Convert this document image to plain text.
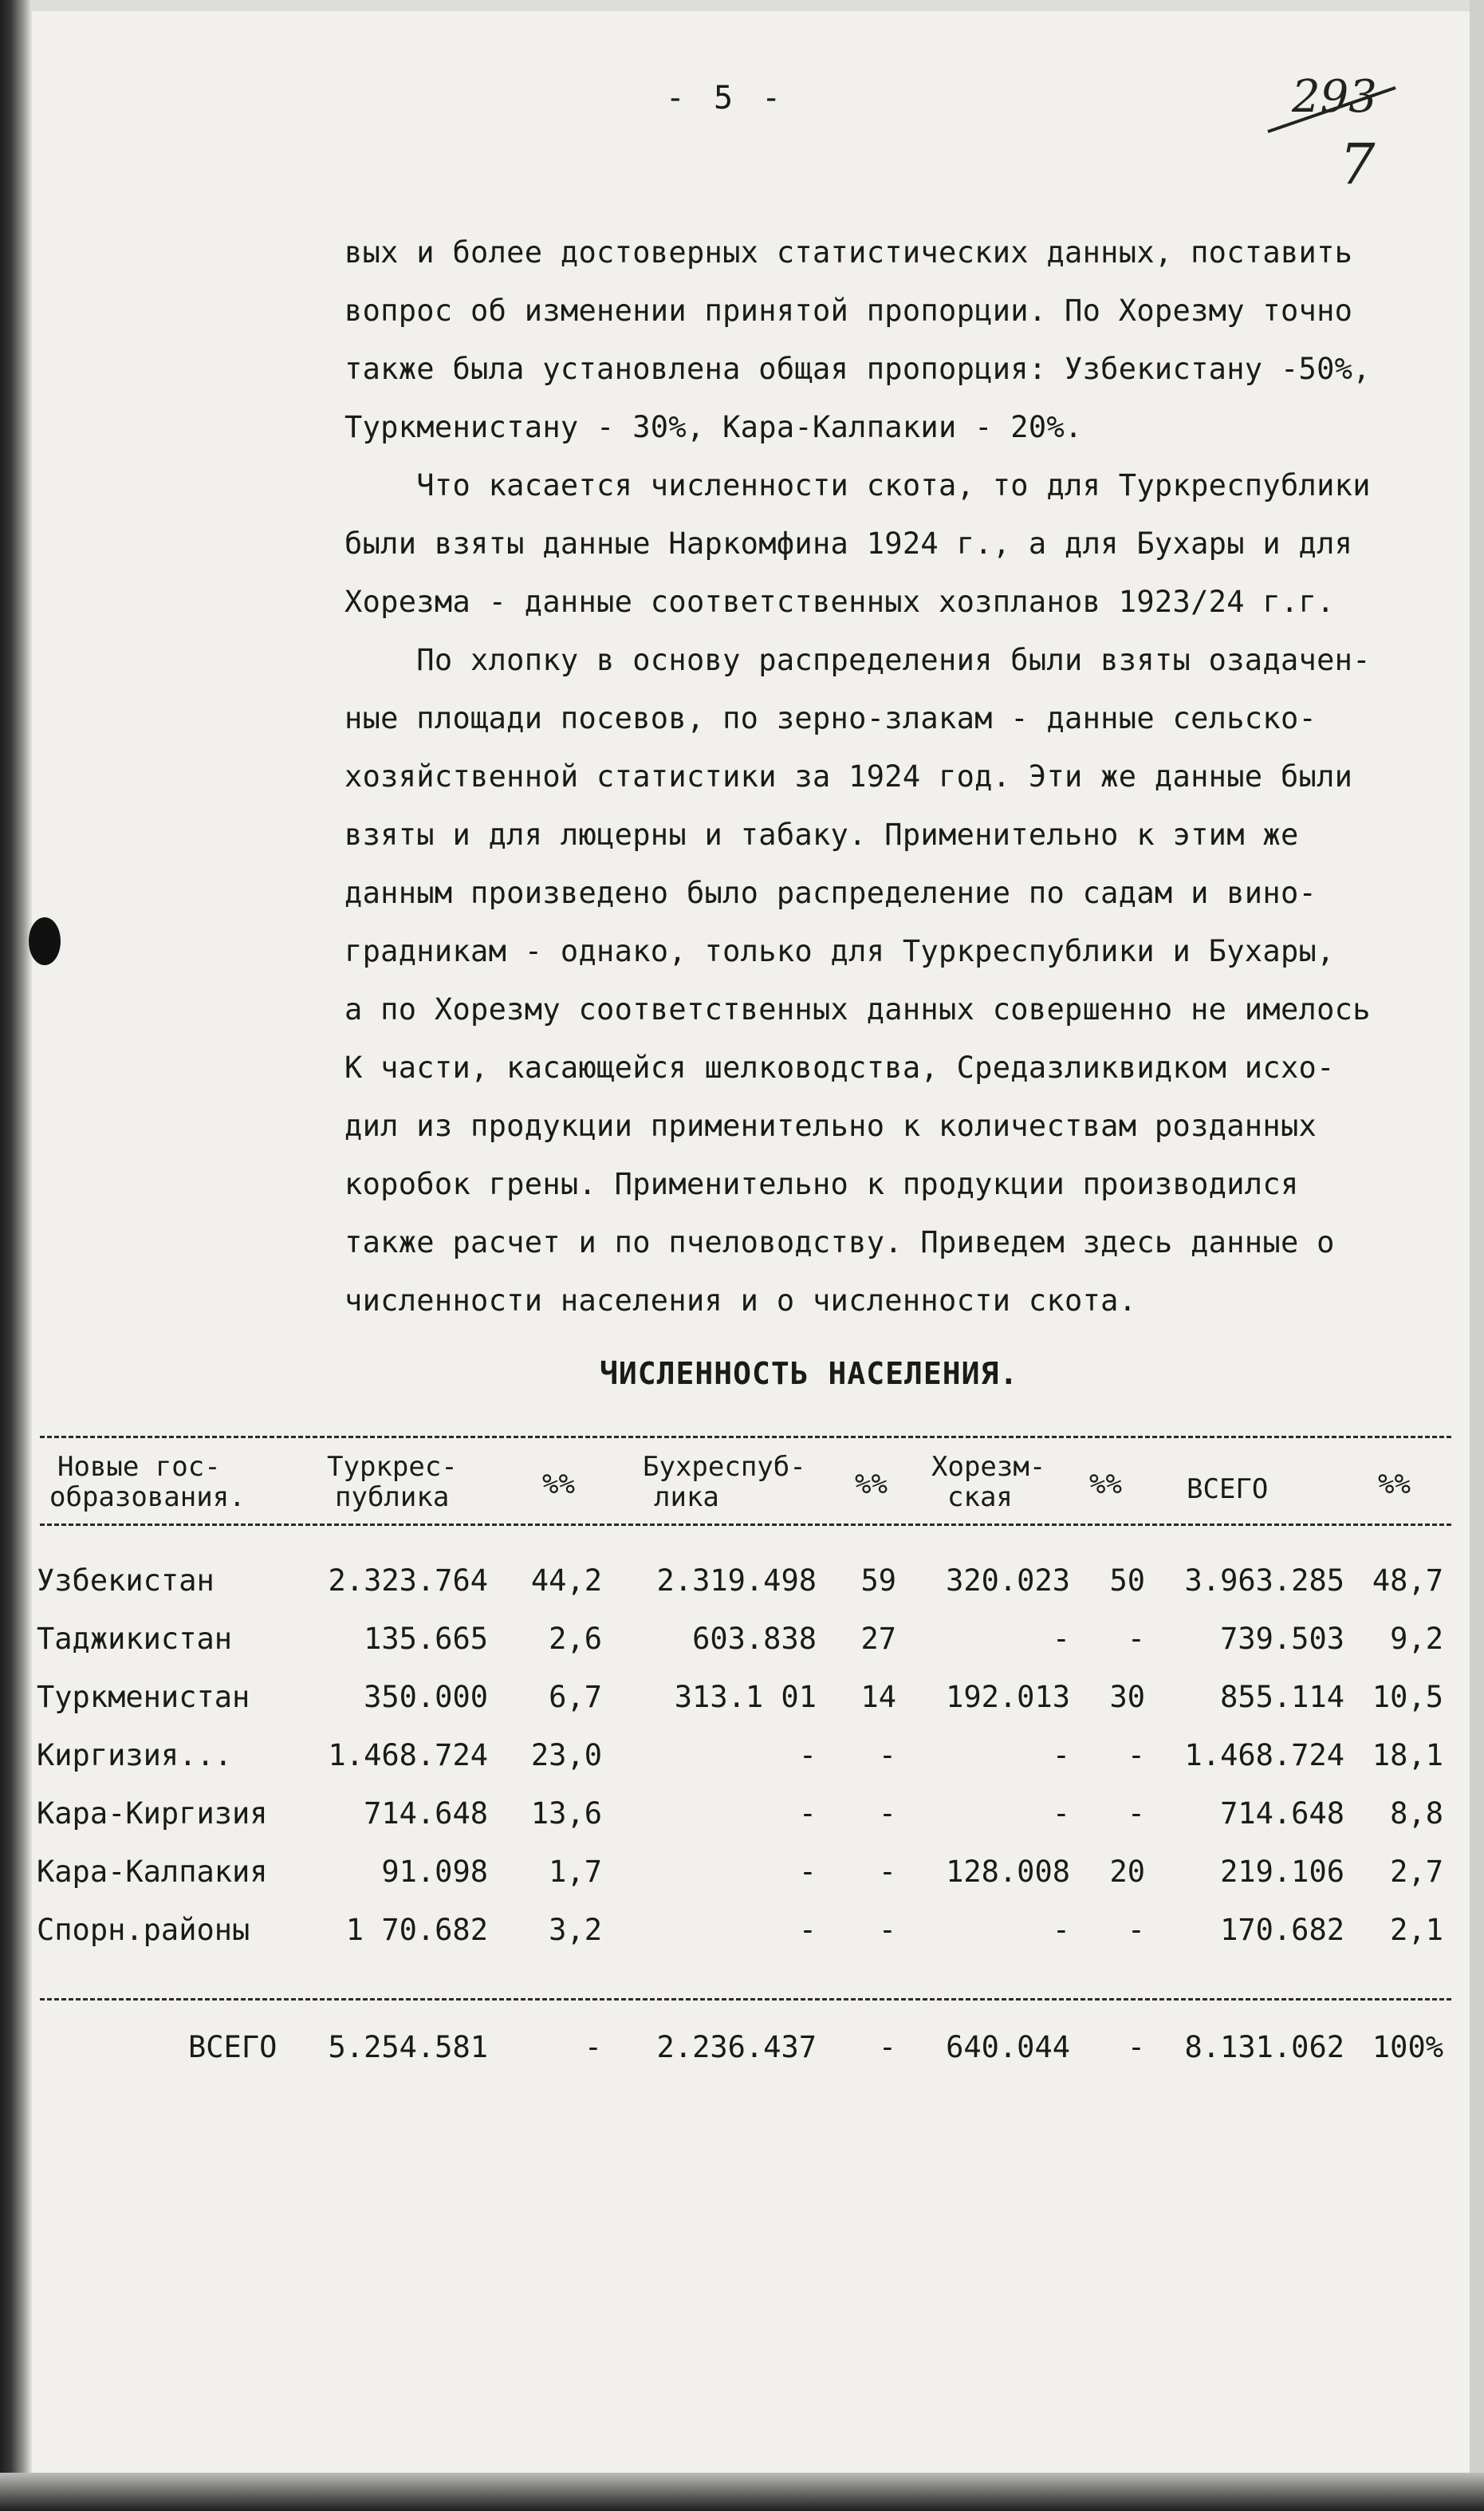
- 5 -	293
7
вых и более достоверных статистических данных, поставить
вопрос об изменении принятой пропорции. По Хорезму точно
также была установлена общая пропорция: Узбекистану -50%,
Туркменистану - 30%, Кара-Калпакии - 20%.
Что касается численности скота, то для Туркреспублики
были взяты данные Наркомфина 1924 г., а для Бухары и для
Хорезма - данные соответственных хозпланов 1923/24 г.г.
По хлопку в основу распределения были взяты озадачен-
ные площади посевов, по зерно-злакам - данные сельско-
хозяйственной статистики за 1924 год. Эти же данные были
взяты и для люцерны и табаку. Применительно к этим же
данным произведено было распределение по садам и вино-
градникам - однако, только для Туркреспублики и Бухары,
а по Хорезму соответственных данных совершенно не имелось
К части, касающейся шелководства, Средазликвидком исхо-
дил из продукции применительно к количествам розданных
коробок грены. Применительно к продукции производился
также расчет и по пчеловодству. Приведем здесь данные о
численности населения и о численности скота.
ЧИСЛЕННОСТЬ НАСЕЛЕНИЯ.
Новые гос-
образования.
Туркрес-
публика	%%
Бухреспуб-
лика	%%
Хорезм-
ская	%% ВСЕГО	%%
Узбекистан	2.323.764	44,2	2.319.498	59	320.023	50	3.963.285 48,7
Таджикистан	135.665	2,6	603.838	27	-	-	739.503	9,2
Туркменистан	350.000	6,7	313.1 01	14	192.013	30	855.114 10,5
Киргизия...	1.468.724	23,0	-	-	-	-	1.468.724 18,1
Кара-Киргизия	714.648	13,6	-	-	-	-	714.648	8,8
Кара-Калпакия	91.098	1,7	-	-	128.008	20	219.106	2,7
Спорн.районы	1 70.682	3,2	-	-	-	-	170.682	2,1
ВСЕГО	5.254.581	-	2.236.437	-	640.044	-	8.131.062 100%
